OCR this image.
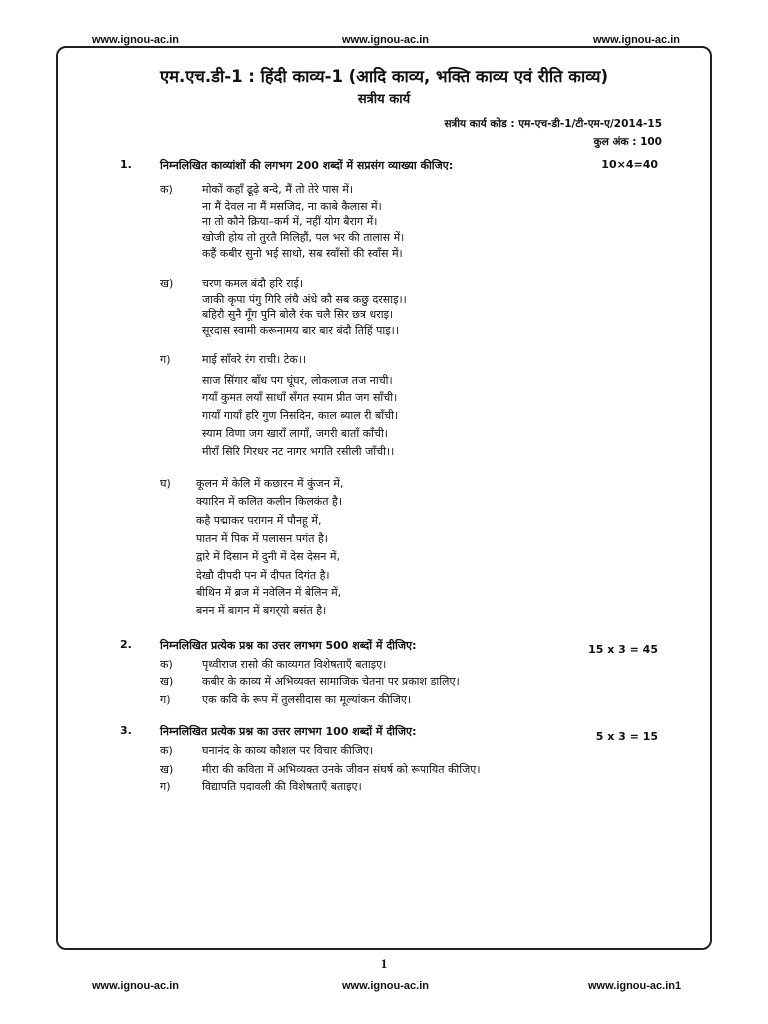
www.ignou-ac.in	www.ignou-ac.in	www.ignou-ac.in
एम.एच.डी-1 : हिंदी काव्य-1 (आदि काव्य, भक्ति काव्य एवं रीति काव्य)
सत्रीय कार्य
सत्रीय कार्य कोड : एम-एच-डी-1/टी-एम-ए/2014-15
कुल अंक : 100
1.	निम्नलिखित काव्यांशों की लगभग 200 शब्दों में सप्रसंग व्याख्या कीजिए:	10×4=40
क)	मोकों कहाँ ढूढ़े बन्दे, मैं तो तेरे पास में।
ना मैं देवल ना मैं मसजिद, ना काबे कैलास में।
ना तो कौने क्रिया–कर्म में, नहीं योग बैराग में।
खोजी होय तो तुरतै मिलिहौं, पल भर की तालास में।
कहैं कबीर सुनो भई साधो, सब स्वाँसों की स्वाँस में।
ख)	चरण कमल बंदौ हरि राई।
जाकी कृपा पंगु गिरि लंघै अंधे कौ सब कछु दरसाइ।।
बहिरौ सुनै गूँग पुनि बोलै रंक चलै सिर छत्र धराइ।
सूरदास स्वामी करूनामय बार बार बंदौ तिहिं पाइ।।
ग)	माई साँवरे रंग राची। टेक।।
साज सिंगार बाँध पग घूंघर, लोकलाज तज नाची।
गयाँ कुमत लयाँ साधाँ सँगत स्याम प्रीत जग साँची।
गायाँ गायाँ हरि गुण निसदिन, काल ब्याल री बाँची।
स्याम विणा जग खाराँ लागाँ, जगरी बाताँ काँची।
मीराँ सिरि गिरधर नट नागर भगति रसीली जाँची।।
घ) कूलन में केलि में कछारन में कुंजन में,
क्यारिन में कलित कलीन किलकंत है।
कहै पद्माकर परागन में पौनहू में,
पातन में पिक में पलासन पगंत है।
द्वारे में दिसान में दुनी में देस देसन में,
देखौ दीपदी पन में दीपत दिगंत है।
बीथिन में ब्रज में नवेलिन में बेलिन में,
बनन में बागन में बगर्‌यो बसंत है।
2.	निम्नलिखित प्रत्येक प्रश्न का उत्तर लगभग 500 शब्दों में दीजिए:	15 x 3 = 45
क)	पृथ्वीराज रासो की काव्यगत विशेषताएँ बताइए।
ख)	कबीर के काव्य में अभिव्यक्त सामाजिक चेतना पर प्रकाश डालिए।
ग)	एक कवि के रूप में तुलसीदास का मूल्यांकन कीजिए।
3.	निम्नलिखित प्रत्येक प्रश्न का उत्तर लगभग 100 शब्दों में दीजिए:	5 x 3 = 15
क)	घनानंद के काव्य कौशल पर विचार कीजिए।
ख)	मीरा की कविता में अभिव्यक्त उनके जीवन संघर्ष को रूपायित कीजिए।
ग)	विद्यापति पदावली की विशेषताएँ बताइए।
1
www.ignou-ac.in	www.ignou-ac.in	www.ignou-ac.in1
